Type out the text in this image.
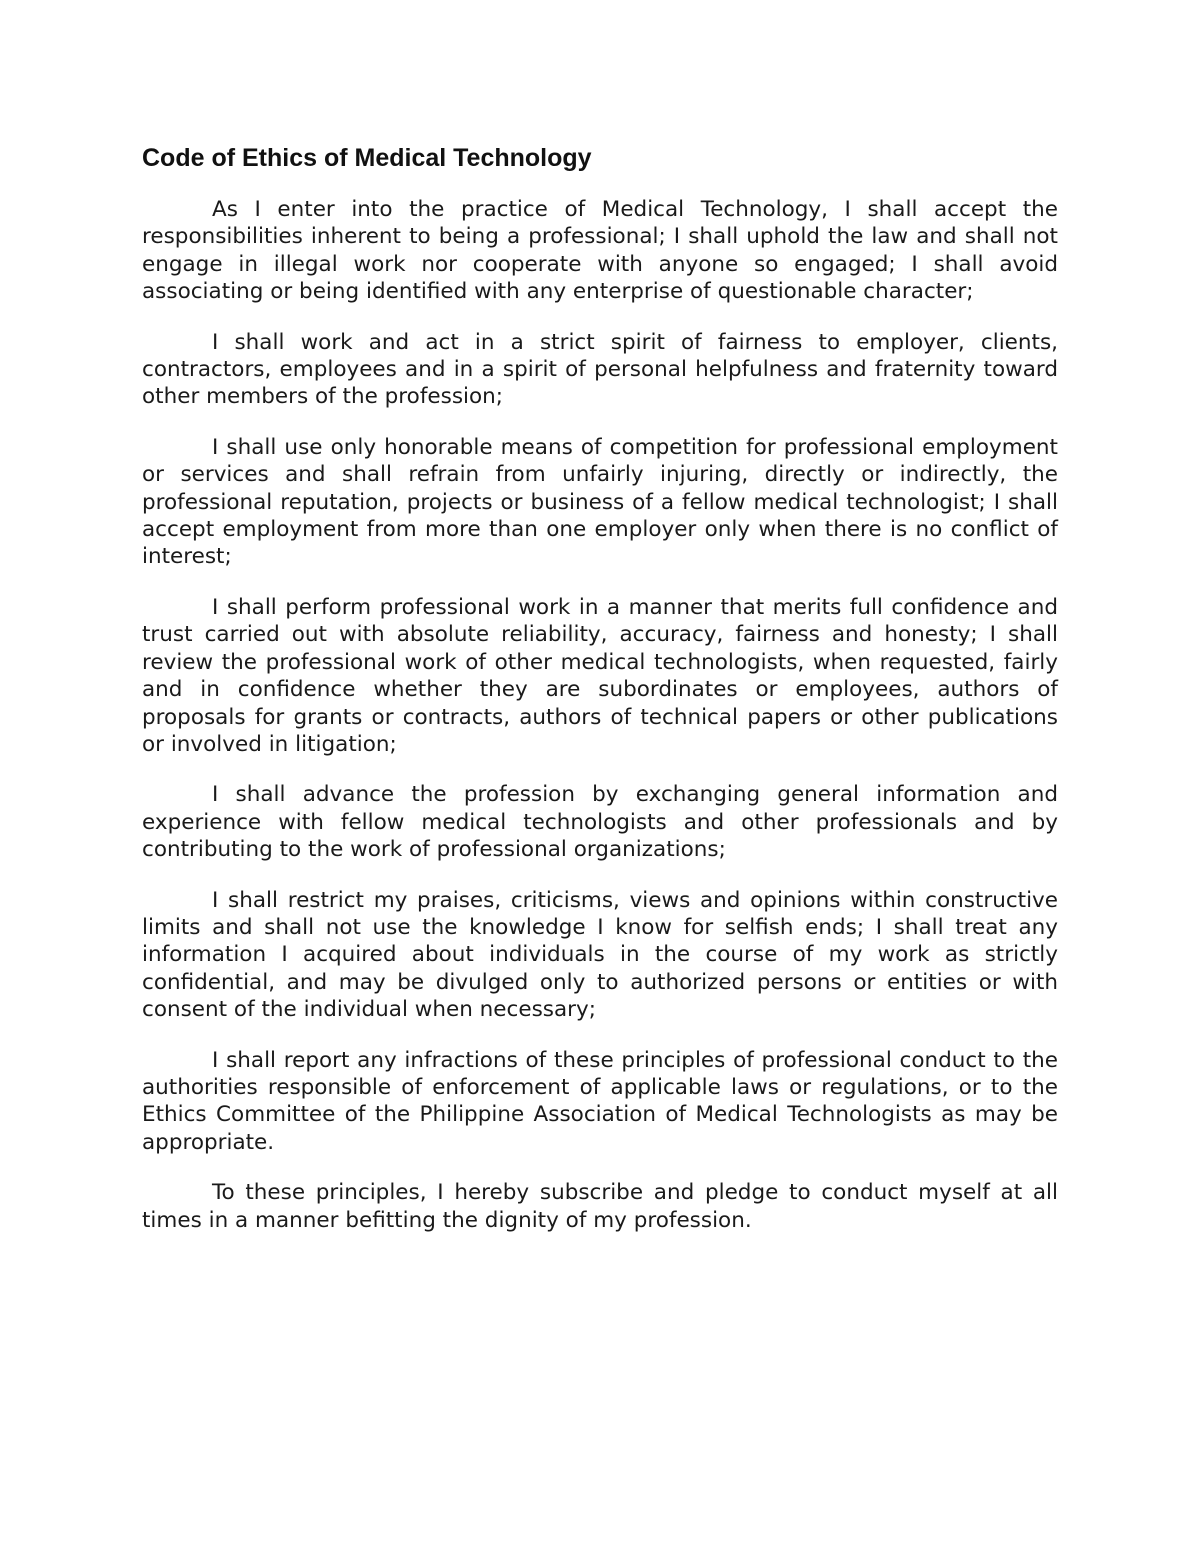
Code of Ethics of Medical Technology

As I enter into the practice of Medical Technology, I shall accept the responsibilities inherent to being a professional; I shall uphold the law and shall not engage in illegal work nor cooperate with anyone so engaged; I shall avoid associating or being identified with any enterprise of questionable character;

I shall work and act in a strict spirit of fairness to employer, clients, contractors, employees and in a spirit of personal helpfulness and fraternity toward other members of the profession;

I shall use only honorable means of competition for professional employment or services and shall refrain from unfairly injuring, directly or indirectly, the professional reputation, projects or business of a fellow medical technologist; I shall accept employment from more than one employer only when there is no conflict of interest;

I shall perform professional work in a manner that merits full confidence and trust carried out with absolute reliability, accuracy, fairness and honesty; I shall review the professional work of other medical technologists, when requested, fairly and in confidence whether they are subordinates or employees, authors of proposals for grants or contracts, authors of technical papers or other publications or involved in litigation;

I shall advance the profession by exchanging general information and experience with fellow medical technologists and other professionals and by contributing to the work of professional organizations;

I shall restrict my praises, criticisms, views and opinions within constructive limits and shall not use the knowledge I know for selfish ends; I shall treat any information I acquired about individuals in the course of my work as strictly confidential, and may be divulged only to authorized persons or entities or with consent of the individual when necessary;

I shall report any infractions of these principles of professional conduct to the authorities responsible of enforcement of applicable laws or regulations, or to the Ethics Committee of the Philippine Association of Medical Technologists as may be appropriate.

To these principles, I hereby subscribe and pledge to conduct myself at all times in a manner befitting the dignity of my profession.
